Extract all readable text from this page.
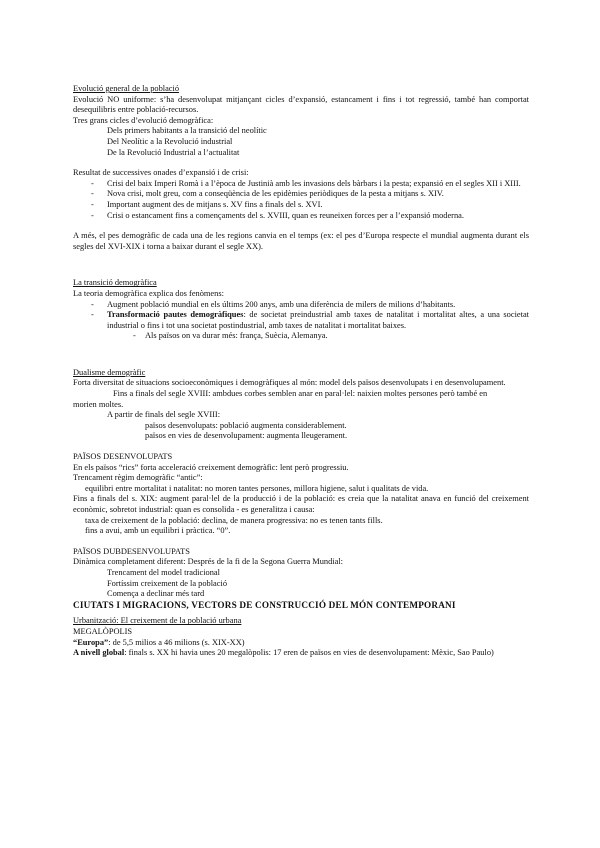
Evolució general de la població

Evolució NO uniforme: s’ha desenvolupat mitjançant cicles d’expansió, estancament i fins i tot regressió, també han comportat desequilibris entre població-recursos.

Tres grans cicles d’evolució demogràfica:

Dels primers habitants a la transició del neolític

Del Neolític a la Revolució industrial

De la Revolució Industrial a l’actualitat

Resultat de successives onades d’expansió i de crisi:

- Crisi del baix Imperi Romà i a l’època de Justinià amb les invasions dels bàrbars i la pesta; expansió en el segles XII i XIII.
- Nova crisi, molt greu, com a conseqüència de les epidèmies periòdiques de la pesta a mitjans s. XIV.
- Important augment des de mitjans s. XV fins a finals del s. XVI.
- Crisi o estancament fins a començaments del s. XVIII, quan es reuneixen forces per a l’expansió moderna.

A més, el pes demogràfic de cada una de les regions canvia en el temps (ex: el pes d’Europa respecte el mundial augmenta durant els segles del XVI-XIX i torna a baixar durant el segle XX).

La transició demogràfica

La teoria demogràfica explica dos fenòmens:

- Augment població mundial en els últims 200 anys, amb una diferència de milers de milions d’habitants.
- Transformació pautes demogràfiques: de societat preindustrial amb taxes de natalitat i mortalitat altes, a una societat industrial o fins i tot una societat postindustrial, amb taxes de natalitat i mortalitat baixes.

- Als països on va durar més: frança, Suècia, Alemanya.

Dualisme demogràfic

Forta diversitat de situacions socioeconòmiques i demogràfiques al món: model dels països desenvolupats i en desenvolupament.

Fins a finals del segle XVIII: ambdues corbes semblen anar en paral·lel: naixien moltes persones però també en

morien moltes.

A partir de finals del segle XVIII:

països desenvolupats: població augmenta considerablement.

països en vies de desenvolupament: augmenta lleugerament.

PAÏSOS DESENVOLUPATS

En els països “rics” forta acceleració creixement demogràfic: lent però progressiu.

Trencament règim demogràfic “antic”:

equilibri entre mortalitat i natalitat: no moren tantes persones, millora higiene, salut i qualitats de vida.

Fins a finals del s. XIX: augment paral·lel de la producció i de la població: es creia que la natalitat anava en funció del creixement econòmic, sobretot industrial: quan es consolida - es generalitza i causa:

taxa de creixement de la població: declina, de manera progressiva: no es tenen tants fills.

fins a avui, amb un equilibri i pràctica. “0”.

PAÏSOS DUBDESENVOLUPATS

Dinàmica completament diferent: Després de la fi de la Segona Guerra Mundial:

Trencament del model tradicional

Fortíssim creixement de la població

Comença a declinar més tard

CIUTATS I MIGRACIONS, VECTORS DE CONSTRUCCIÓ DEL MÓN CONTEMPORANI

Urbanització: El creixement de la població urbana

MEGALÒPOLIS

“Europa”: de 5,5 milios a 46 milions (s. XIX-XX)

A nivell global: finals s. XX hi havia unes 20 megalòpolis: 17 eren de països en vies de desenvolupament: Mèxic, Sao Paulo)
